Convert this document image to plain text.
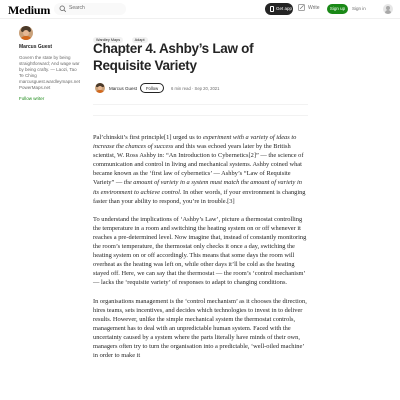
Medium	Search	Get app	Write	Sign up	Sign in
Marcus Guest
Govern the state by being straightforward; And wage war by being crafty. — Laozi, Tao Te Ching marcusguest.wardleymaps.net PowerMaps.net
Follow writer
Wardley Maps	Adapt
Chapter 4. Ashby’s Law of Requisite Variety
Marcus Guest	Follow	6 min read · Sep 20, 2021

Pal’chinskii’s first principle[1] urged us to experiment with a variety of ideas to increase the chances of success and this was echoed years later by the British scientist, W. Ross Ashby in: “An Introduction to Cybernetics[2]” — the science of communication and control in living and mechanical systems. Ashby coined what became known as the ‘first law of cybernetics’ — Ashby’s “Law of Requisite Variety” — the amount of variety in a system must match the amount of variety in its environment to achieve control. In other words, if your environment is changing faster than your ability to respond, you’re in trouble.[3]

To understand the implications of ‘Ashby’s Law’, picture a thermostat controlling the temperature in a room and switching the heating system on or off whenever it reaches a pre-determined level. Now imagine that, instead of constantly monitoring the room’s temperature, the thermostat only checks it once a day, switching the heating system on or off accordingly. This means that some days the room will overheat as the heating was left on, while other days it’ll be cold as the heating stayed off. Here, we can say that the thermostat — the room’s ‘control mechanism’ — lacks the ‘requisite variety’ of responses to adapt to changing conditions.

In organisations management is the ‘control mechanism’ as it chooses the direction, hires teams, sets incentives, and decides which technologies to invest in to deliver results. However, unlike the simple mechanical system the thermostat controls, management has to deal with an unpredictable human system. Faced with the uncertainty caused by a system where the parts literally have minds of their own, managers often try to turn the organisation into a predictable, ‘well-oiled machine’ in order to make it
